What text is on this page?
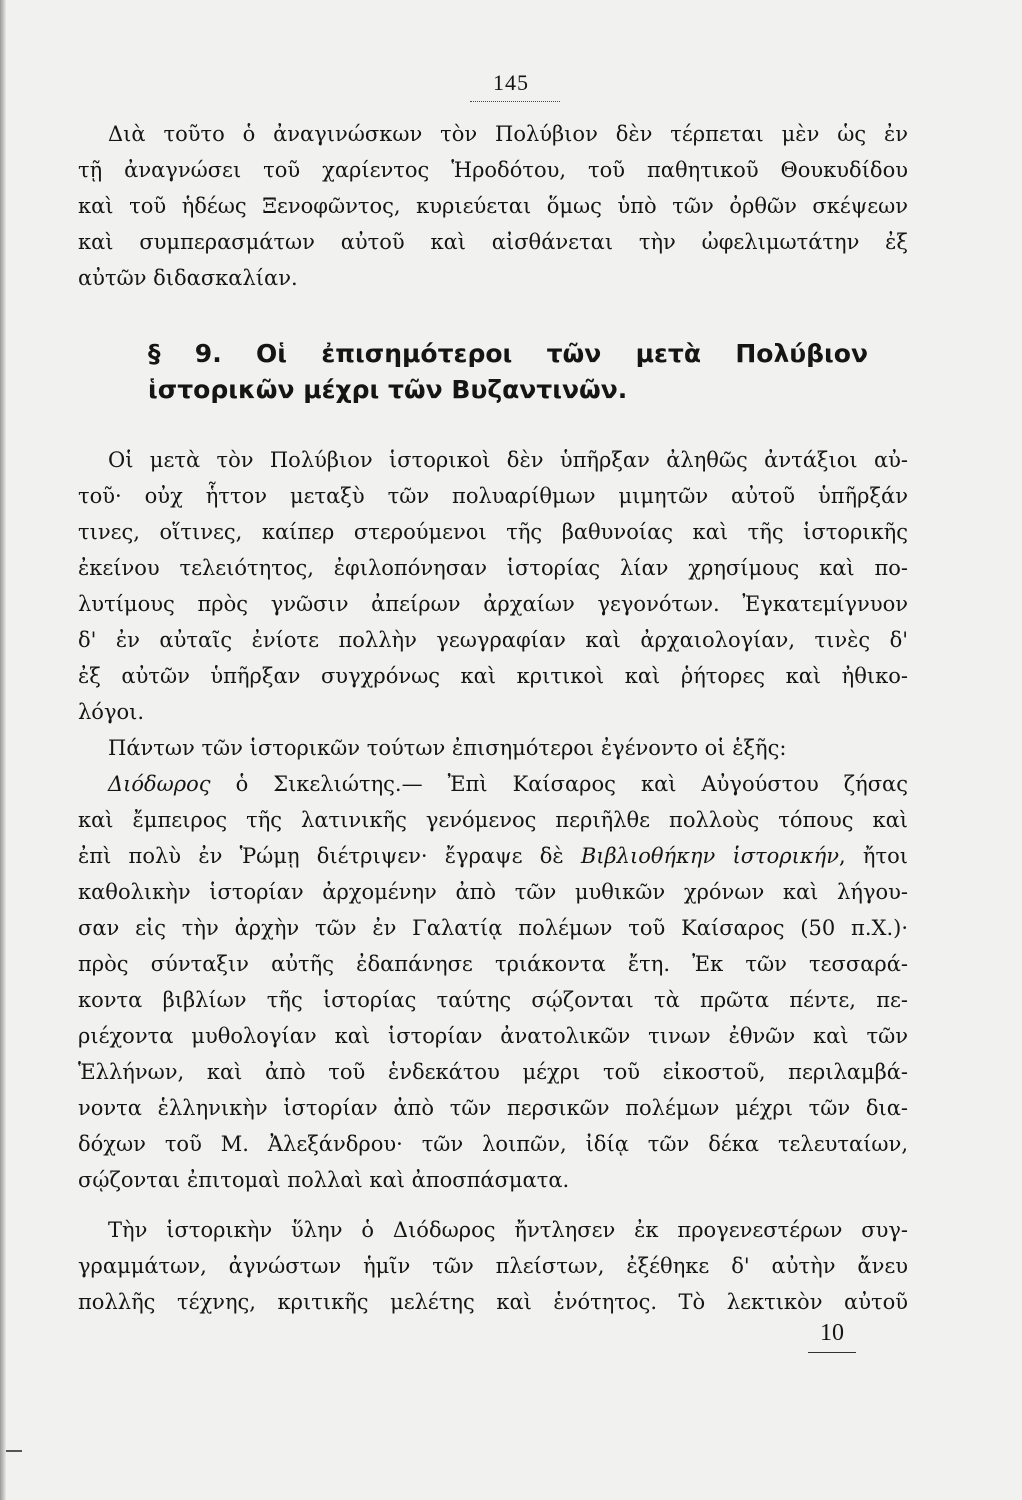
145
Διὰ τοῦτο ὁ ἀναγινώσκων τὸν Πολύβιον δὲν τέρπεται μὲν ὡς ἐν
τῇ ἀναγνώσει τοῦ χαρίεντος Ἡροδότου, τοῦ παθητικοῦ Θουκυδίδου
καὶ τοῦ ἡδέως Ξενοφῶντος, κυριεύεται ὅμως ὑπὸ τῶν ὀρθῶν σκέψεων
καὶ συμπερασμάτων αὐτοῦ καὶ αἰσθάνεται τὴν ὠφελιμωτάτην ἐξ
αὐτῶν διδασκαλίαν.
§ 9. Οἱ ἐπισημότεροι τῶν μετὰ Πολύβιον
ἱστορικῶν μέχρι τῶν Βυζαντινῶν.
Οἱ μετὰ τὸν Πολύβιον ἱστορικοὶ δὲν ὑπῆρξαν ἀληθῶς ἀντάξιοι αὐ-
τοῦ· οὐχ ἧττον μεταξὺ τῶν πολυαρίθμων μιμητῶν αὐτοῦ ὑπῆρξάν
τινες, οἵτινες, καίπερ στερούμενοι τῆς βαθυνοίας καὶ τῆς ἱστορικῆς
ἐκείνου τελειότητος, ἐφιλοπόνησαν ἱστορίας λίαν χρησίμους καὶ πο-
λυτίμους πρὸς γνῶσιν ἀπείρων ἀρχαίων γεγονότων. Ἐγκατεμίγνυον
δ' ἐν αὐταῖς ἐνίοτε πολλὴν γεωγραφίαν καὶ ἀρχαιολογίαν, τινὲς δ'
ἐξ αὐτῶν ὑπῆρξαν συγχρόνως καὶ κριτικοὶ καὶ ῥήτορες καὶ ἠθικο-
λόγοι.
Πάντων τῶν ἱστορικῶν τούτων ἐπισημότεροι ἐγένοντο οἱ ἑξῆς:
Διόδωρος ὁ Σικελιώτης.— Ἐπὶ Καίσαρος καὶ Αὐγούστου ζήσας
καὶ ἔμπειρος τῆς λατινικῆς γενόμενος περιῆλθε πολλοὺς τόπους καὶ
ἐπὶ πολὺ ἐν Ῥώμῃ διέτριψεν· ἔγραψε δὲ Βιβλιοθήκην ἱστορικήν, ἤτοι
καθολικὴν ἱστορίαν ἀρχομένην ἀπὸ τῶν μυθικῶν χρόνων καὶ λήγου-
σαν εἰς τὴν ἀρχὴν τῶν ἐν Γαλατίᾳ πολέμων τοῦ Καίσαρος (50 π.Χ.)·
πρὸς σύνταξιν αὐτῆς ἐδαπάνησε τριάκοντα ἔτη. Ἐκ τῶν τεσσαρά-
κοντα βιβλίων τῆς ἱστορίας ταύτης σῴζονται τὰ πρῶτα πέντε, πε-
ριέχοντα μυθολογίαν καὶ ἱστορίαν ἀνατολικῶν τινων ἐθνῶν καὶ τῶν
Ἑλλήνων, καὶ ἀπὸ τοῦ ἑνδεκάτου μέχρι τοῦ εἰκοστοῦ, περιλαμβά-
νοντα ἑλληνικὴν ἱστορίαν ἀπὸ τῶν περσικῶν πολέμων μέχρι τῶν δια-
δόχων τοῦ Μ. Ἀλεξάνδρου· τῶν λοιπῶν, ἰδίᾳ τῶν δέκα τελευταίων,
σῴζονται ἐπιτομαὶ πολλαὶ καὶ ἀποσπάσματα.
Τὴν ἱστορικὴν ὕλην ὁ Διόδωρος ἤντλησεν ἐκ προγενεστέρων συγ-
γραμμάτων, ἀγνώστων ἡμῖν τῶν πλείστων, ἐξέθηκε δ' αὐτὴν ἄνευ
πολλῆς τέχνης, κριτικῆς μελέτης καὶ ἑνότητος. Τὸ λεκτικὸν αὐτοῦ
10
